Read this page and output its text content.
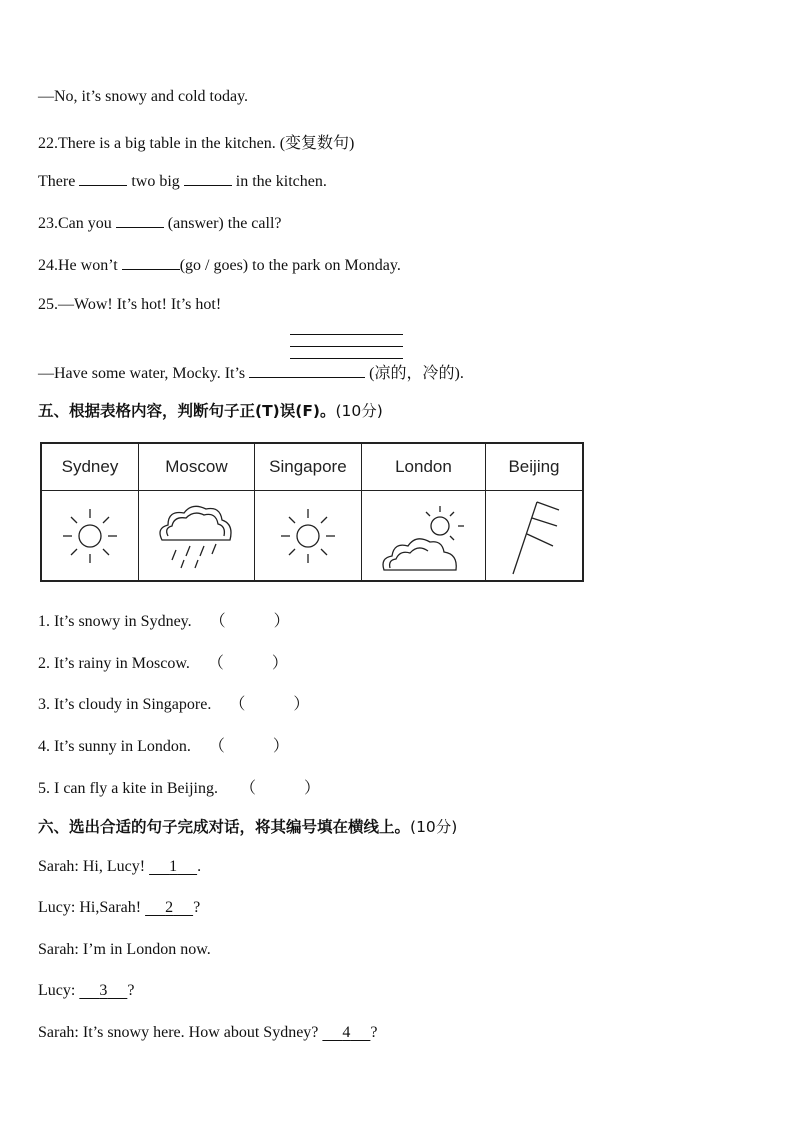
—No, it’s snowy and cold today.
22.There is a big table in the kitchen. (变复数句)
There	two big	in the kitchen.
23.Can you	(answer) the call?
24.He won’t	(go / goes) to the park on Monday.
25.—Wow! It’s hot! It’s hot!
—Have some water, Mocky. It’s	(凉的，冷的).
五、根据表格内容，判断句子正(T)误(F)。(10分)
Sydney	Moscow	Singapore	London	Beijing

1. It’s snowy in Sydney. （	）
2. It’s rainy in Moscow. （	）
3. It’s cloudy in Singapore. （	）
4. It’s sunny in London. （	）
5. I can fly a kite in Beijing. （	）
六、选出合适的句子完成对话，将其编号填在横线上。(10分)
Sarah: Hi, Lucy!      1 .
Lucy: Hi,Sarah!      2 ?
Sarah: I’m in London now.
Lucy:      3 ?
Sarah: It’s snowy here. How about Sydney?      4 ?
